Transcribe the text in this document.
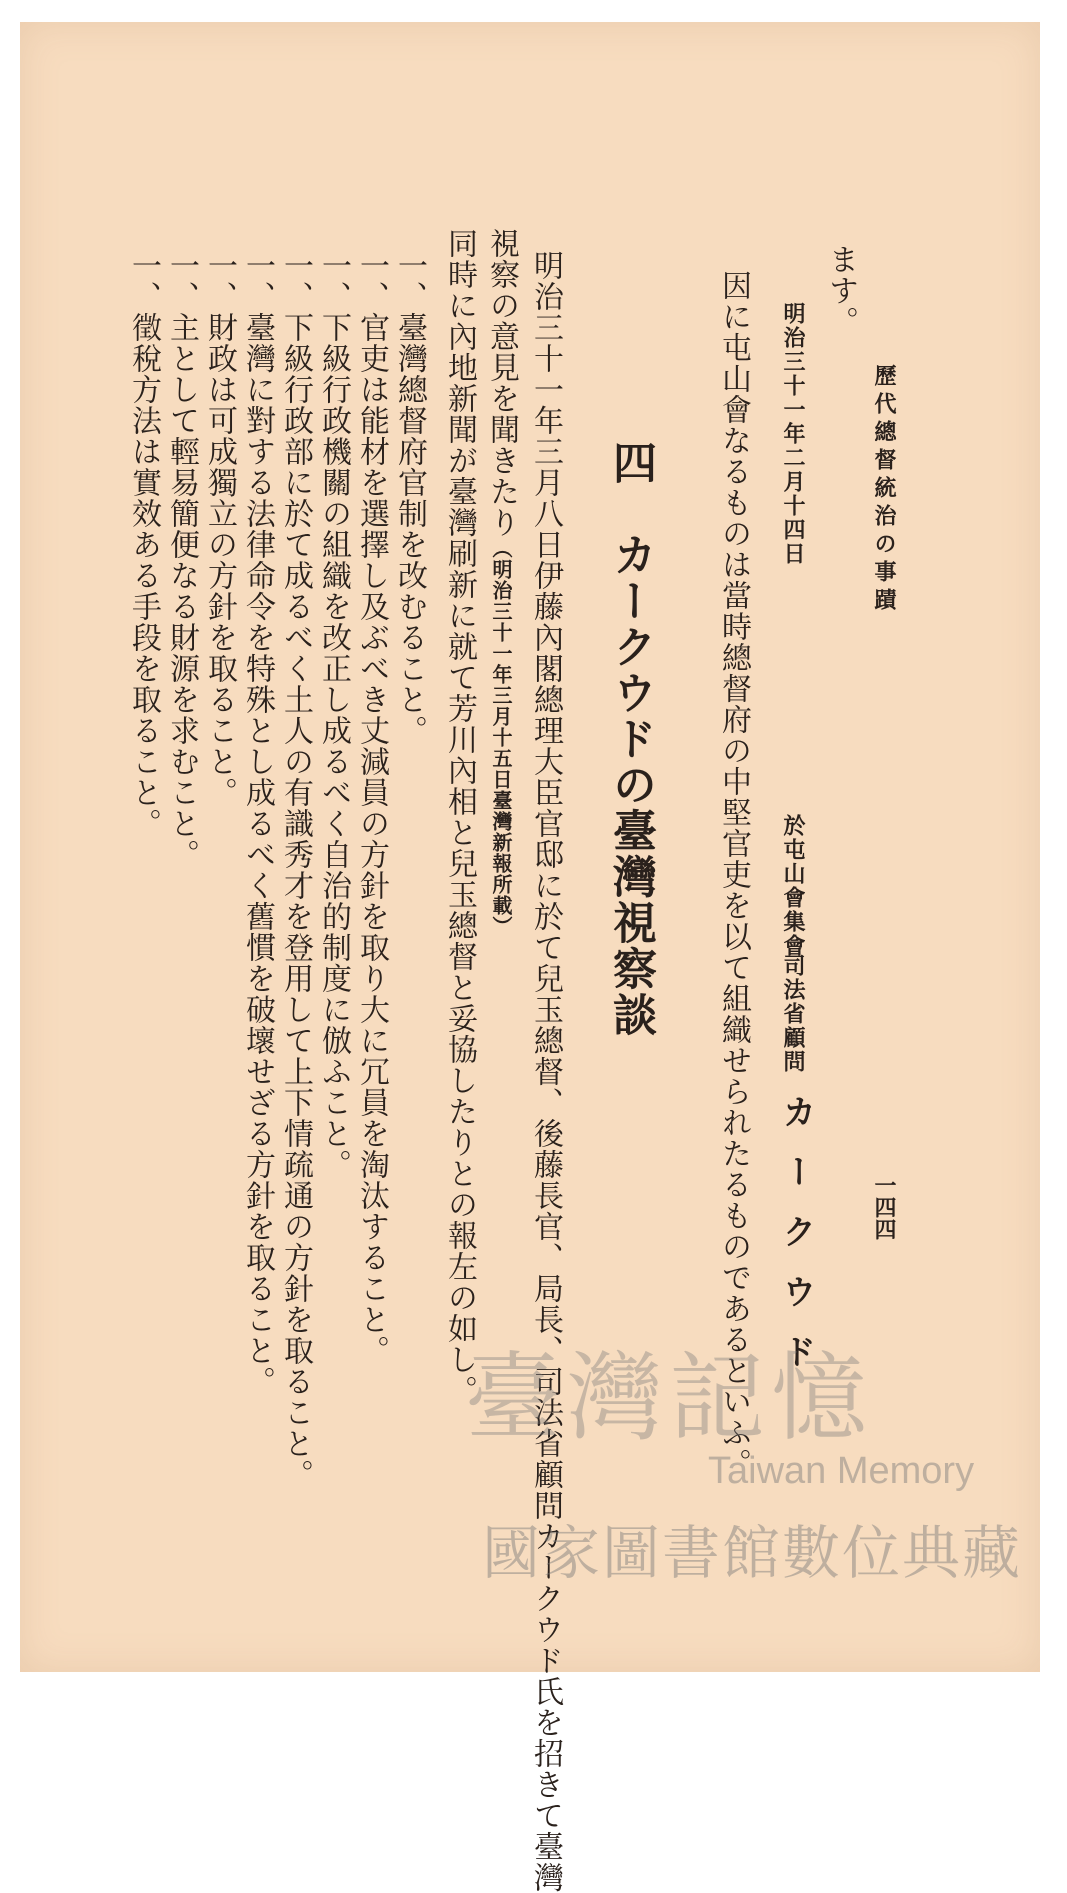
歷代總督統治の事蹟
一四四
ます。
明治三十一年二月十四日
於屯山會集會
司法省顧問
カークウド
因に屯山會なるものは當時總督府の中堅官吏を以て組織せられたるものであるといふ。
四　カークウドの臺灣視察談
明治三十一年三月八日伊藤內閣總理大臣官邸に於て兒玉總督、後藤長官、局長、司法省顧問カークウド氏を招きて臺灣
視察の意見を聞きたり（明治三十一年三月十五日臺灣新報所載）
同時に內地新聞が臺灣刷新に就て芳川內相と兒玉總督と妥協したりとの報左の如し。
一、臺灣總督府官制を改むること。
一、官吏は能材を選擇し及ぶべき丈減員の方針を取り大に冗員を淘汰すること。
一、下級行政機關の組織を改正し成るべく自治的制度に倣ふこと。
一、下級行政部に於て成るべく土人の有識秀才を登用して上下情疏通の方針を取ること。
一、臺灣に對する法律命令を特殊とし成るべく舊慣を破壞せざる方針を取ること。
一、財政は可成獨立の方針を取ること。
一、主として輕易簡便なる財源を求むこと。
一、徵稅方法は實效ある手段を取ること。
臺灣記憶
Taiwan Memory
國家圖書館數位典藏
